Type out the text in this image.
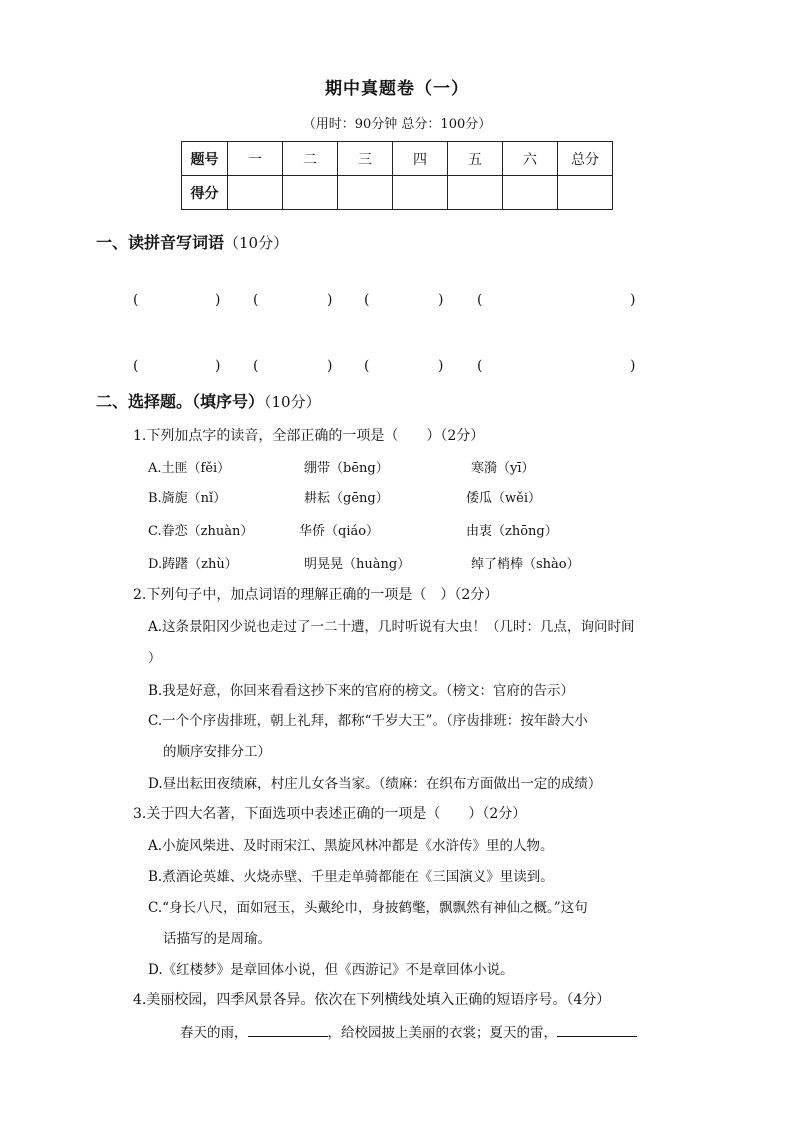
期中真题卷（一）
（用时：90分钟 总分：100分）
题号	一	二	三	四	五	六	总分
得分							
一、读拼音写词语（10分）
(	) (	) (	) (	)
(	) (	) (	) (	)
二、选择题。（填序号）（10分）
1.下列加点字的读音，全部正确的一项是（　　）（2分）
A.土匪（fěi）	绷带（bēng）	寒漪（yī）
B.旖旎（nǐ）	耕耘（gēng）	倭瓜（wěi）
C.眷恋（zhuàn）	华侨（qiáo）	由衷（zhōng）
D.踌躇（zhù）	明晃晃（huàng）	绰了梢棒（shào）
2.下列句子中，加点词语的理解正确的一项是（　）（2分）
A.这条景阳冈少说也走过了一二十遭，几时听说有大虫！（几时：几点，询问时间
）
B.我是好意，你回来看看这抄下来的官府的榜文。（榜文：官府的告示）
C.一个个序齿排班，朝上礼拜，都称“千岁大王”。（序齿排班：按年龄大小
的顺序安排分工）
D.昼出耘田夜绩麻，村庄儿女各当家。（绩麻：在织布方面做出一定的成绩）
3.关于四大名著，下面选项中表述正确的一项是（　　）（2分）
A.小旋风柴进、及时雨宋江、黑旋风林冲都是《水浒传》里的人物。
B.煮酒论英雄、火烧赤壁、千里走单骑都能在《三国演义》里读到。
C.“身长八尺，面如冠玉，头戴纶巾，身披鹤氅，飘飘然有神仙之概。”这句
话描写的是周瑜。
D.《红楼梦》是章回体小说，但《西游记》不是章回体小说。
4.美丽校园，四季风景各异。依次在下列横线处填入正确的短语序号。（4分）
春天的雨，	，给校园披上美丽的衣裳；夏天的雷，
